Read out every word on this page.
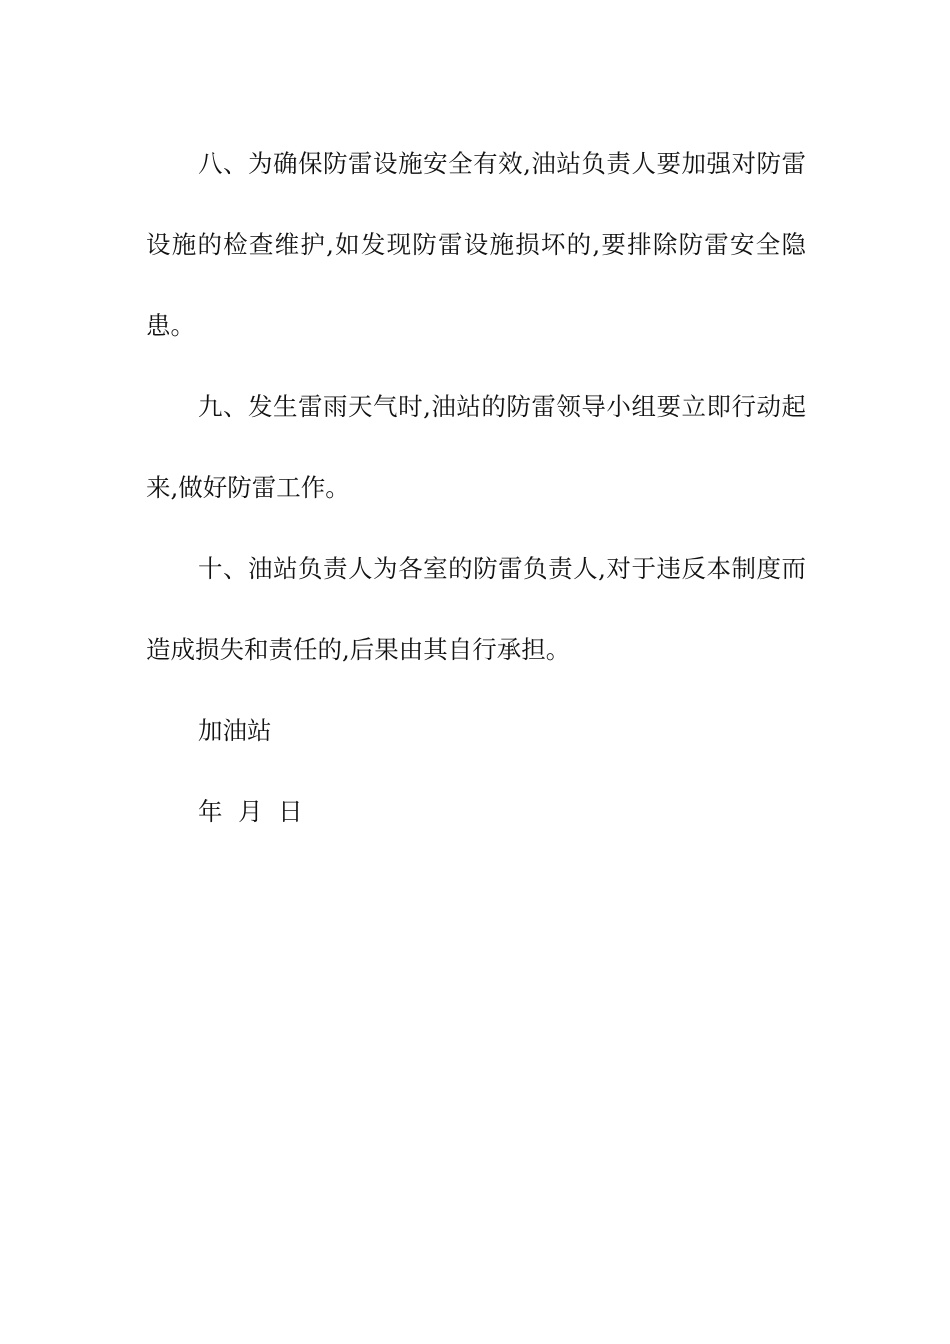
八、为确保防雷设施安全有效,油站负责人要加强对防雷设施的检查维护,如发现防雷设施损坏的,要排除防雷安全隐患。

九、发生雷雨天气时,油站的防雷领导小组要立即行动起来,做好防雷工作。

十、油站负责人为各室的防雷负责人,对于违反本制度而造成损失和责任的,后果由其自行承担。

加油站

年  月  日
